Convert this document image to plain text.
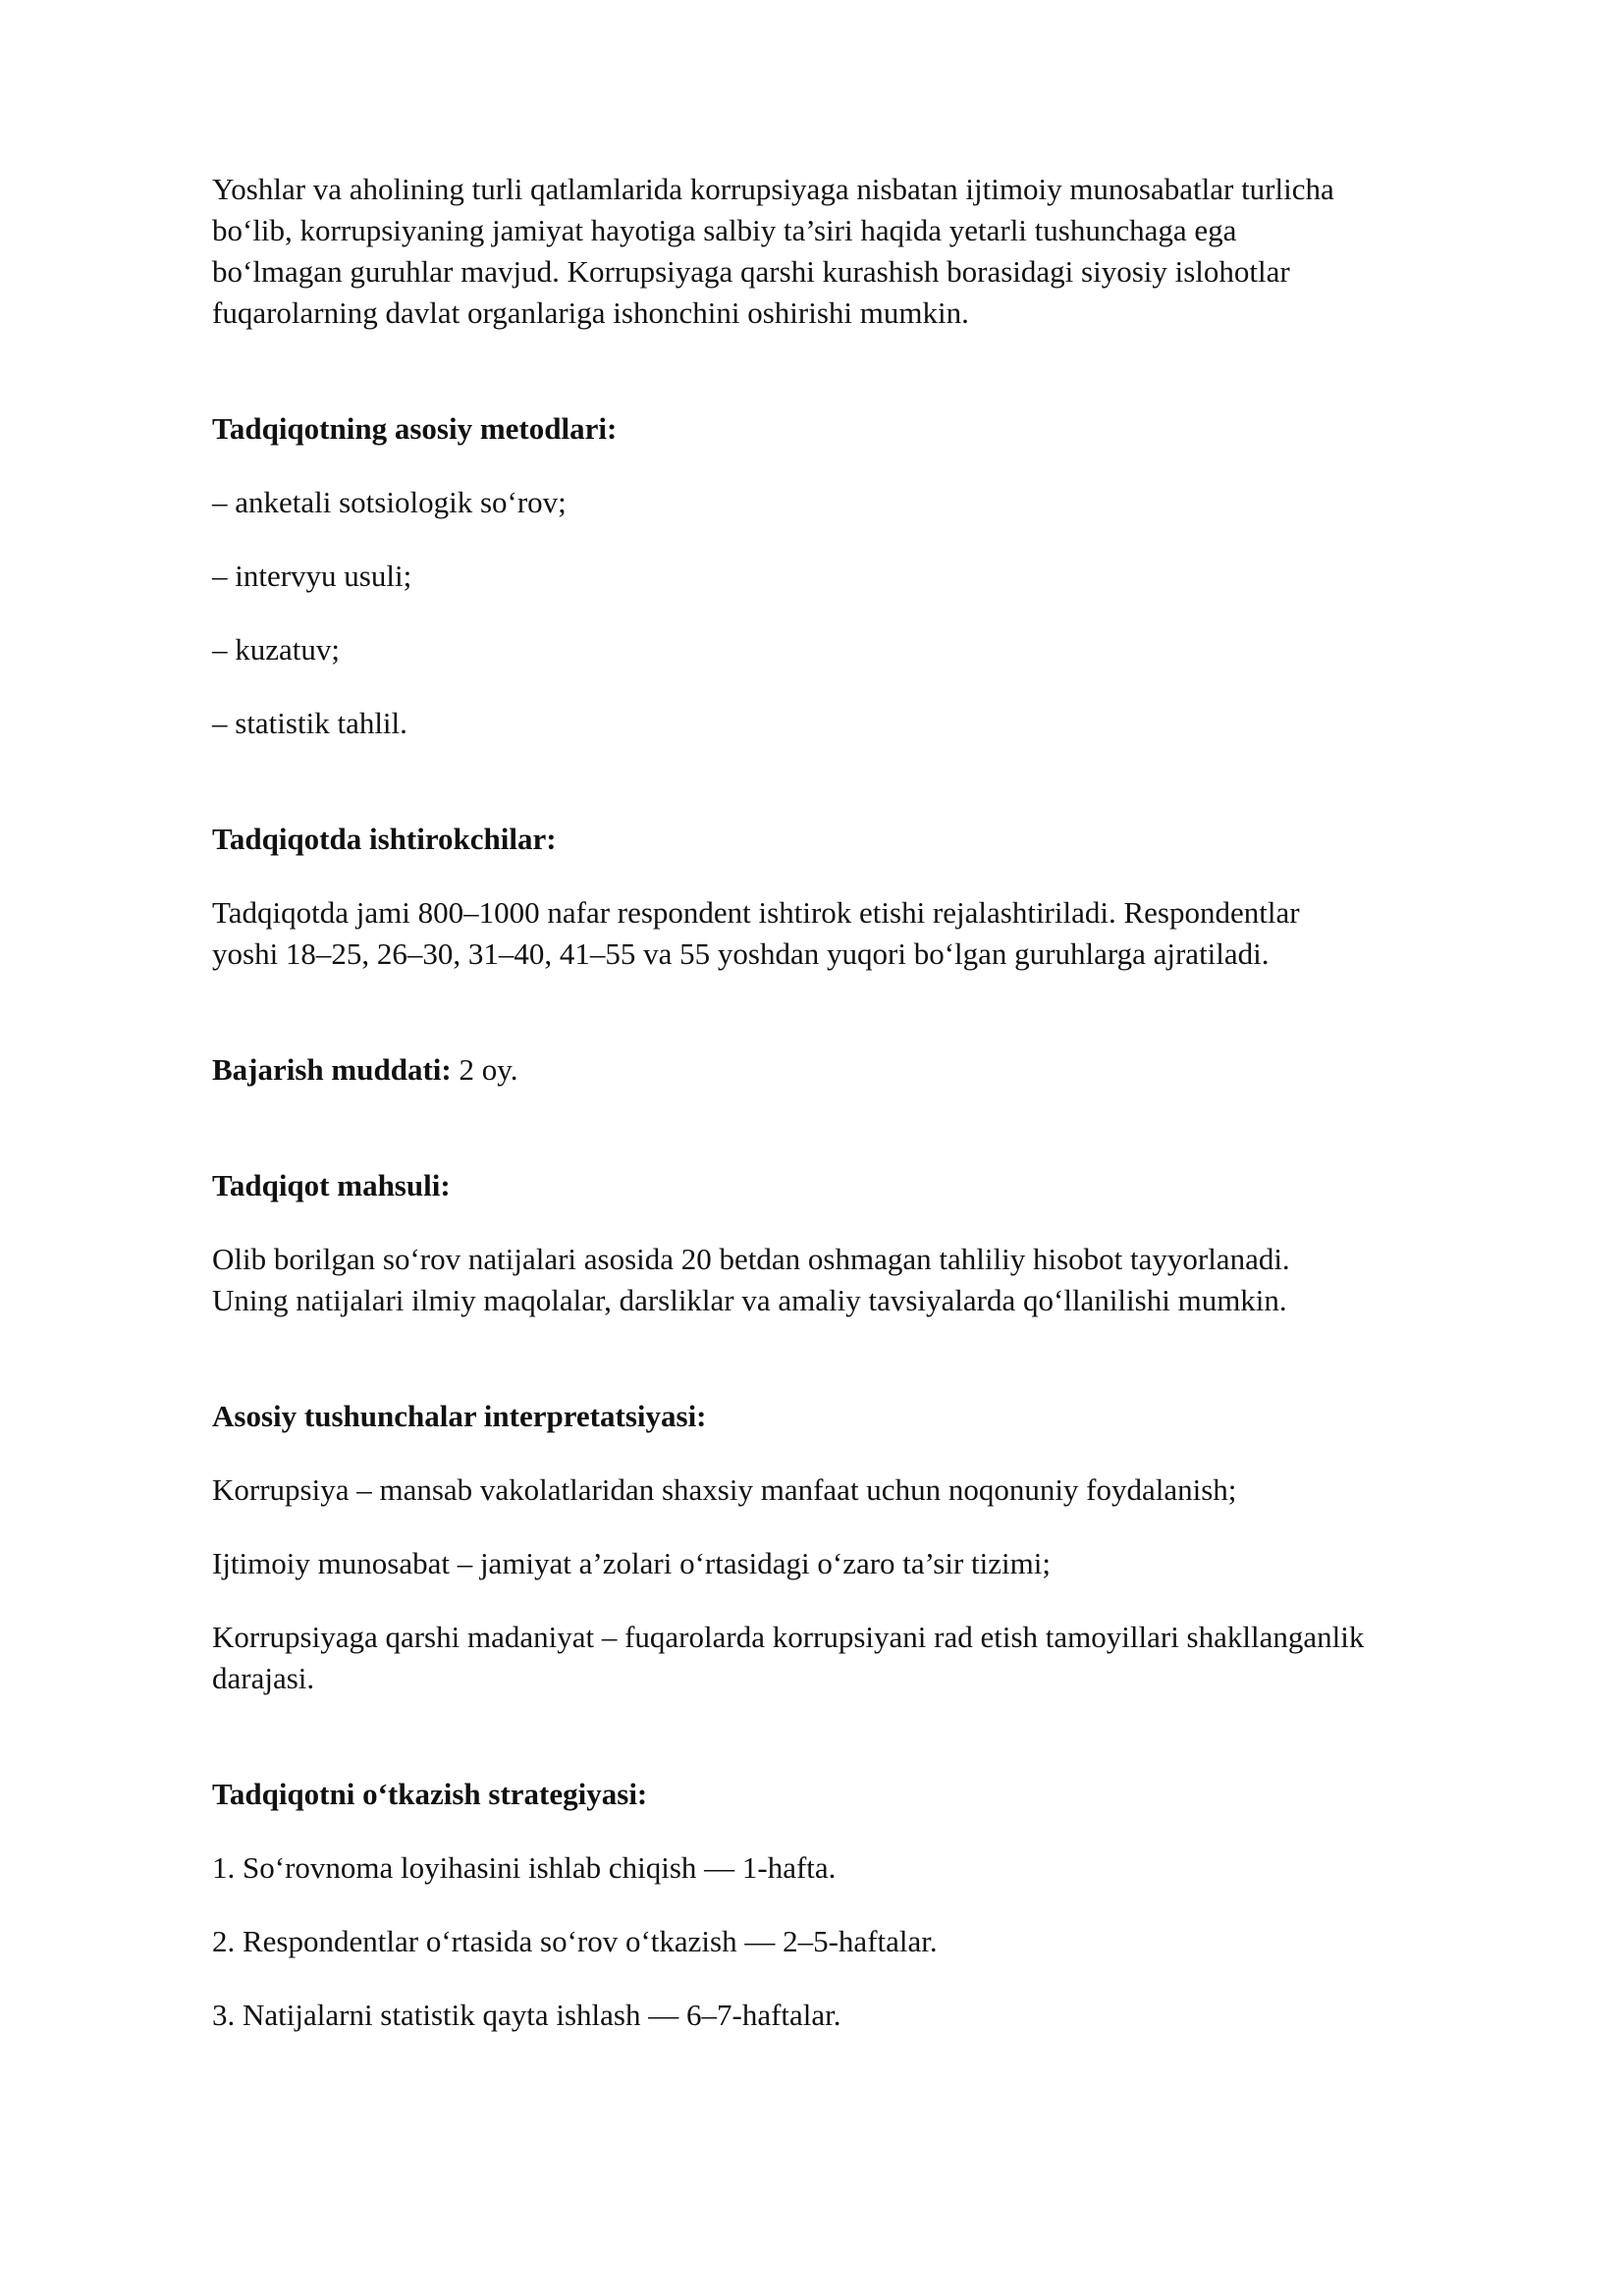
Yoshlar va aholining turli qatlamlarida korrupsiyaga nisbatan ijtimoiy munosabatlar turlicha

bo‘lib, korrupsiyaning jamiyat hayotiga salbiy ta’siri haqida yetarli tushunchaga ega

bo‘lmagan guruhlar mavjud. Korrupsiyaga qarshi kurashish borasidagi siyosiy islohotlar

fuqarolarning davlat organlariga ishonchini oshirishi mumkin.

Tadqiqotning asosiy metodlari:

– anketali sotsiologik so‘rov;

– intervyu usuli;

– kuzatuv;

– statistik tahlil.

Tadqiqotda ishtirokchilar:

Tadqiqotda jami 800–1000 nafar respondent ishtirok etishi rejalashtiriladi. Respondentlar

yoshi 18–25, 26–30, 31–40, 41–55 va 55 yoshdan yuqori bo‘lgan guruhlarga ajratiladi.

Bajarish muddati: 2 oy.

Tadqiqot mahsuli:

Olib borilgan so‘rov natijalari asosida 20 betdan oshmagan tahliliy hisobot tayyorlanadi.

Uning natijalari ilmiy maqolalar, darsliklar va amaliy tavsiyalarda qo‘llanilishi mumkin.

Asosiy tushunchalar interpretatsiyasi:

Korrupsiya – mansab vakolatlaridan shaxsiy manfaat uchun noqonuniy foydalanish;

Ijtimoiy munosabat – jamiyat a’zolari o‘rtasidagi o‘zaro ta’sir tizimi;

Korrupsiyaga qarshi madaniyat – fuqarolarda korrupsiyani rad etish tamoyillari shakllanganlik

darajasi.

Tadqiqotni o‘tkazish strategiyasi:

1. So‘rovnoma loyihasini ishlab chiqish — 1-hafta.

2. Respondentlar o‘rtasida so‘rov o‘tkazish — 2–5-haftalar.

3. Natijalarni statistik qayta ishlash — 6–7-haftalar.
